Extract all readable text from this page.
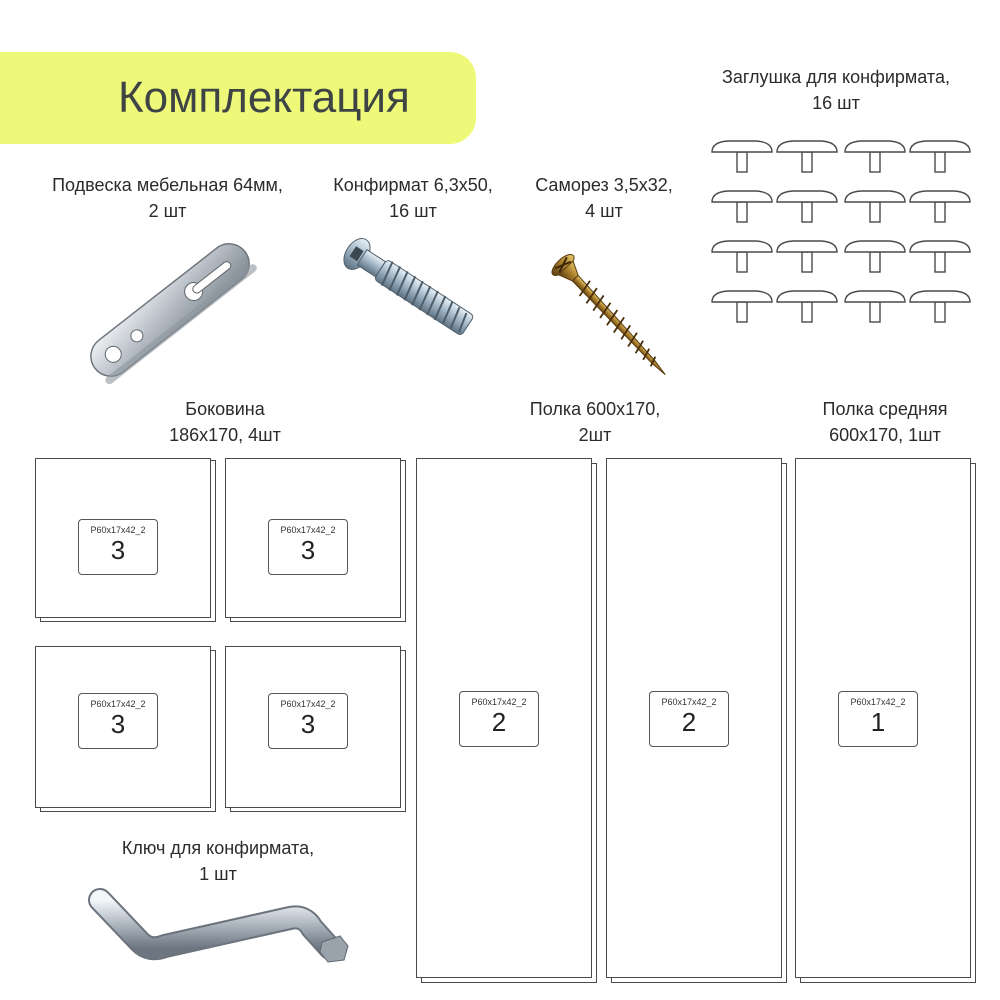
Комплектация
Подвеска мебельная 64мм,
2 шт
Конфирмат 6,3х50,
16 шт
Саморез 3,5х32,
4 шт
Заглушка для конфирмата,
16 шт
Ключ для конфирмата,
1 шт
Боковина
186х170, 4шт
Полка 600х170,
2шт
Полка средняя
600х170, 1шт
P60x17x42_2
3
P60x17x42_2
3
P60x17x42_2
3
P60x17x42_2
3
P60x17x42_2
2
P60x17x42_2
2
P60x17x42_2
1
